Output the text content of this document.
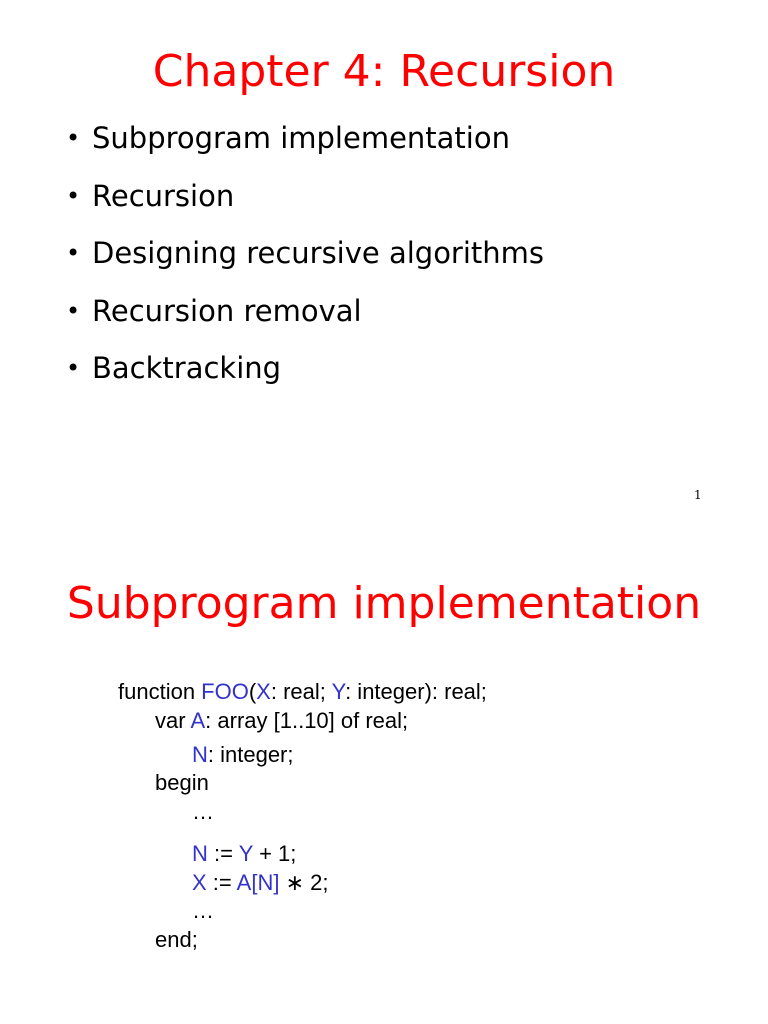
Chapter 4: Recursion
• Subprogram implementation
• Recursion
• Designing recursive algorithms
• Recursion removal
• Backtracking
1
Subprogram implementation
function FOO(X: real; Y: integer): real;
var A: array [1..10] of real;
N: integer;
begin
…
N := Y + 1;
X := A[N] ∗ 2;
…
end;
